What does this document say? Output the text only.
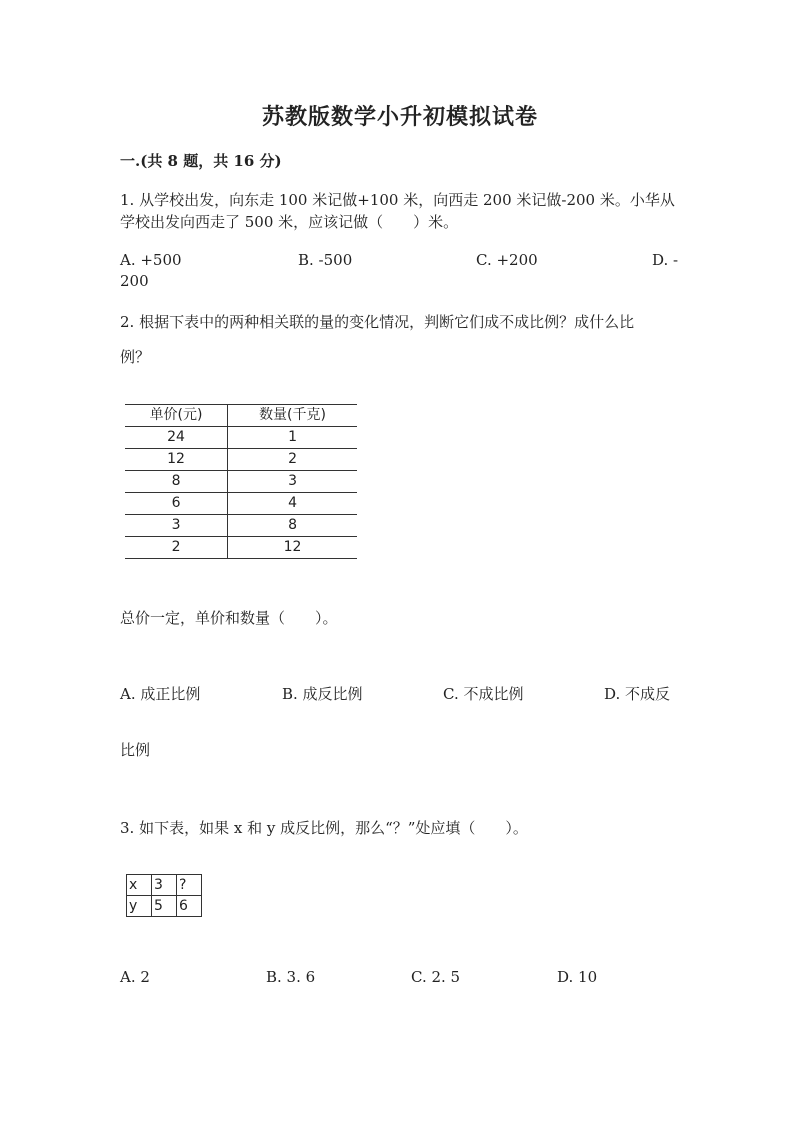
苏教版数学小升初模拟试卷
一.(共 8 题，共 16 分)
1. 从学校出发，向东走 100 米记做+100 米，向西走 200 米记做-200 米。小华从
学校出发向西走了 500 米，应该记做（　　）米。
A. +500	B. -500	C. +200	D. -
200
2. 根据下表中的两种相关联的量的变化情况，判断它们成不成比例？成什么比
例？
单价(元)	数量(千克)
24	1
12	2
8	3
6	4
3	8
2	12
总价一定，单价和数量（　　）。
A. 成正比例	B. 成反比例	C. 不成比例	D. 不成反
比例
3. 如下表，如果 x 和 y 成反比例，那么“？”处应填（　　）。
x	3	?
y	5	6
A. 2	B. 3. 6	C. 2. 5	D. 10
